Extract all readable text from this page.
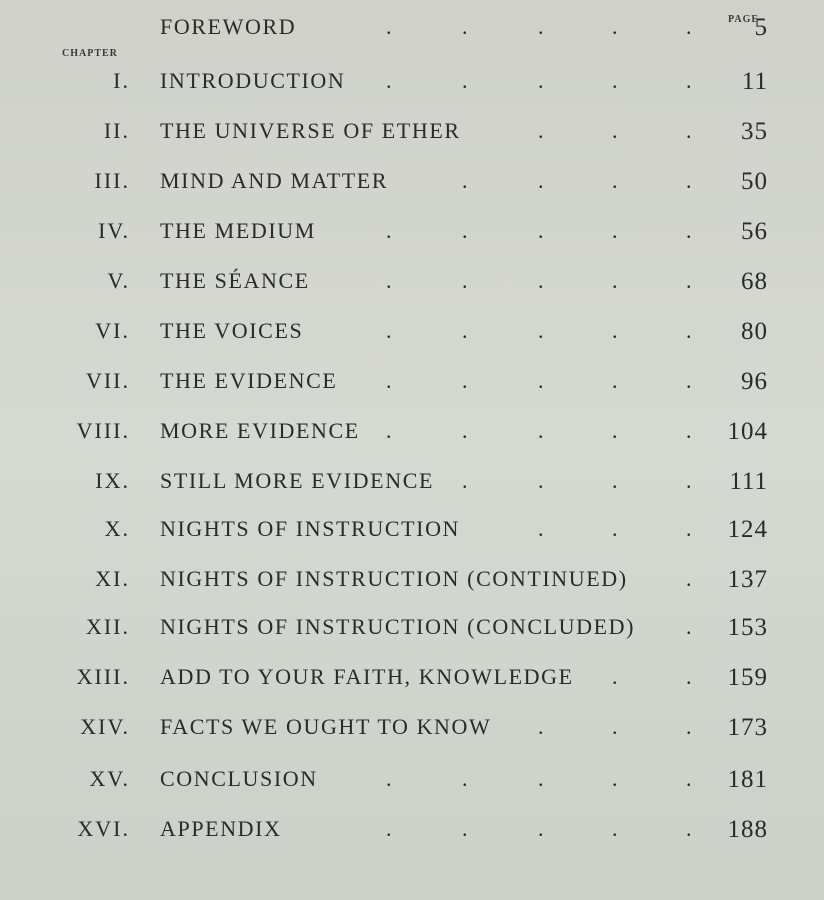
PAGE
CHAPTER
FOREWORD	.	.	.	.	.	5
I. INTRODUCTION .	.	.	.	. 11
II. THE UNIVERSE OF ETHER	.	.	. 35
III. MIND AND MATTER	.	.	.	. 50
IV. THE MEDIUM	.	.	.	.	. 56
V. THE SÉANCE	.	.	.	.	. 68
VI. THE VOICES	.	.	.	.	. 80
VII. THE EVIDENCE .	.	.	.	. 96
VIII. MORE EVIDENCE .	.	.	.	. 104
IX. STILL MORE EVIDENCE .	.	.	. 111
X. NIGHTS OF INSTRUCTION	.	.	. 124
XI. NIGHTS OF INSTRUCTION (CONTINUED)	. 137
XII. NIGHTS OF INSTRUCTION (CONCLUDED) . 153
XIII. ADD TO YOUR FAITH, KNOWLEDGE .	. 159
XIV. FACTS WE OUGHT TO KNOW .	.	. 173
XV. CONCLUSION	.	.	.	.	. 181
XVI. APPENDIX	.	.	.	.	. 188
